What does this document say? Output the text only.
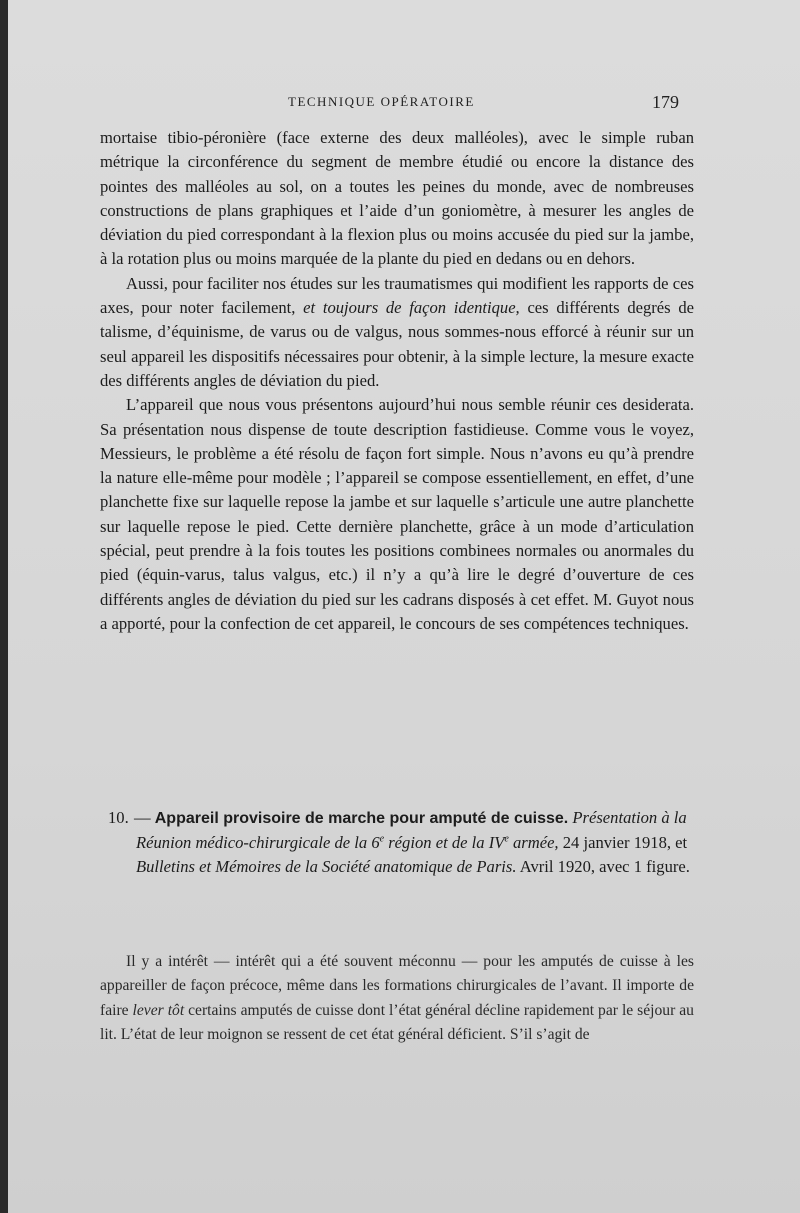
TECHNIQUE OPÉRATOIRE	179

mortaise tibio-péronière (face externe des deux malléoles), avec le simple ruban métrique la circonférence du segment de membre étudié ou encore la distance des pointes des malléoles au sol, on a toutes les peines du monde, avec de nombreuses constructions de plans graphiques et l’aide d’un goniomètre, à mesurer les angles de déviation du pied correspondant à la flexion plus ou moins accusée du pied sur la jambe, à la rotation plus ou moins marquée de la plante du pied en dedans ou en dehors.

Aussi, pour faciliter nos études sur les traumatismes qui modifient les rapports de ces axes, pour noter facilement, et toujours de façon identique, ces différents degrés de talisme, d’équinisme, de varus ou de valgus, nous sommes-nous efforcé à réunir sur un seul appareil les dispositifs nécessaires pour obtenir, à la simple lecture, la mesure exacte des différents angles de déviation du pied.

L’appareil que nous vous présentons aujourd’hui nous semble réunir ces desiderata. Sa présentation nous dispense de toute description fastidieuse. Comme vous le voyez, Messieurs, le problème a été résolu de façon fort simple. Nous n’avons eu qu’à prendre la nature elle-même pour modèle ; l’appareil se compose essentiellement, en effet, d’une planchette fixe sur laquelle repose la jambe et sur laquelle s’articule une autre planchette sur laquelle repose le pied. Cette dernière planchette, grâce à un mode d’articulation spécial, peut prendre à la fois toutes les positions combinees normales ou anormales du pied (équin-varus, talus valgus, etc.) il n’y a qu’à lire le degré d’ouverture de ces différents angles de déviation du pied sur les cadrans disposés à cet effet. M. Guyot nous a apporté, pour la confection de cet appareil, le concours de ses compétences techniques.

10. — Appareil provisoire de marche pour amputé de cuisse. Présentation à la Réunion médico-chirurgicale de la 6e région et de la IVe armée, 24 janvier 1918, et Bulletins et Mémoires de la Société anatomique de Paris. Avril 1920, avec 1 figure.

Il y a intérêt — intérêt qui a été souvent méconnu — pour les amputés de cuisse à les appareiller de façon précoce, même dans les formations chirurgicales de l’avant. Il importe de faire lever tôt certains amputés de cuisse dont l’état général décline rapidement par le séjour au lit. L’état de leur moignon se ressent de cet état général déficient. S’il s’agit de
